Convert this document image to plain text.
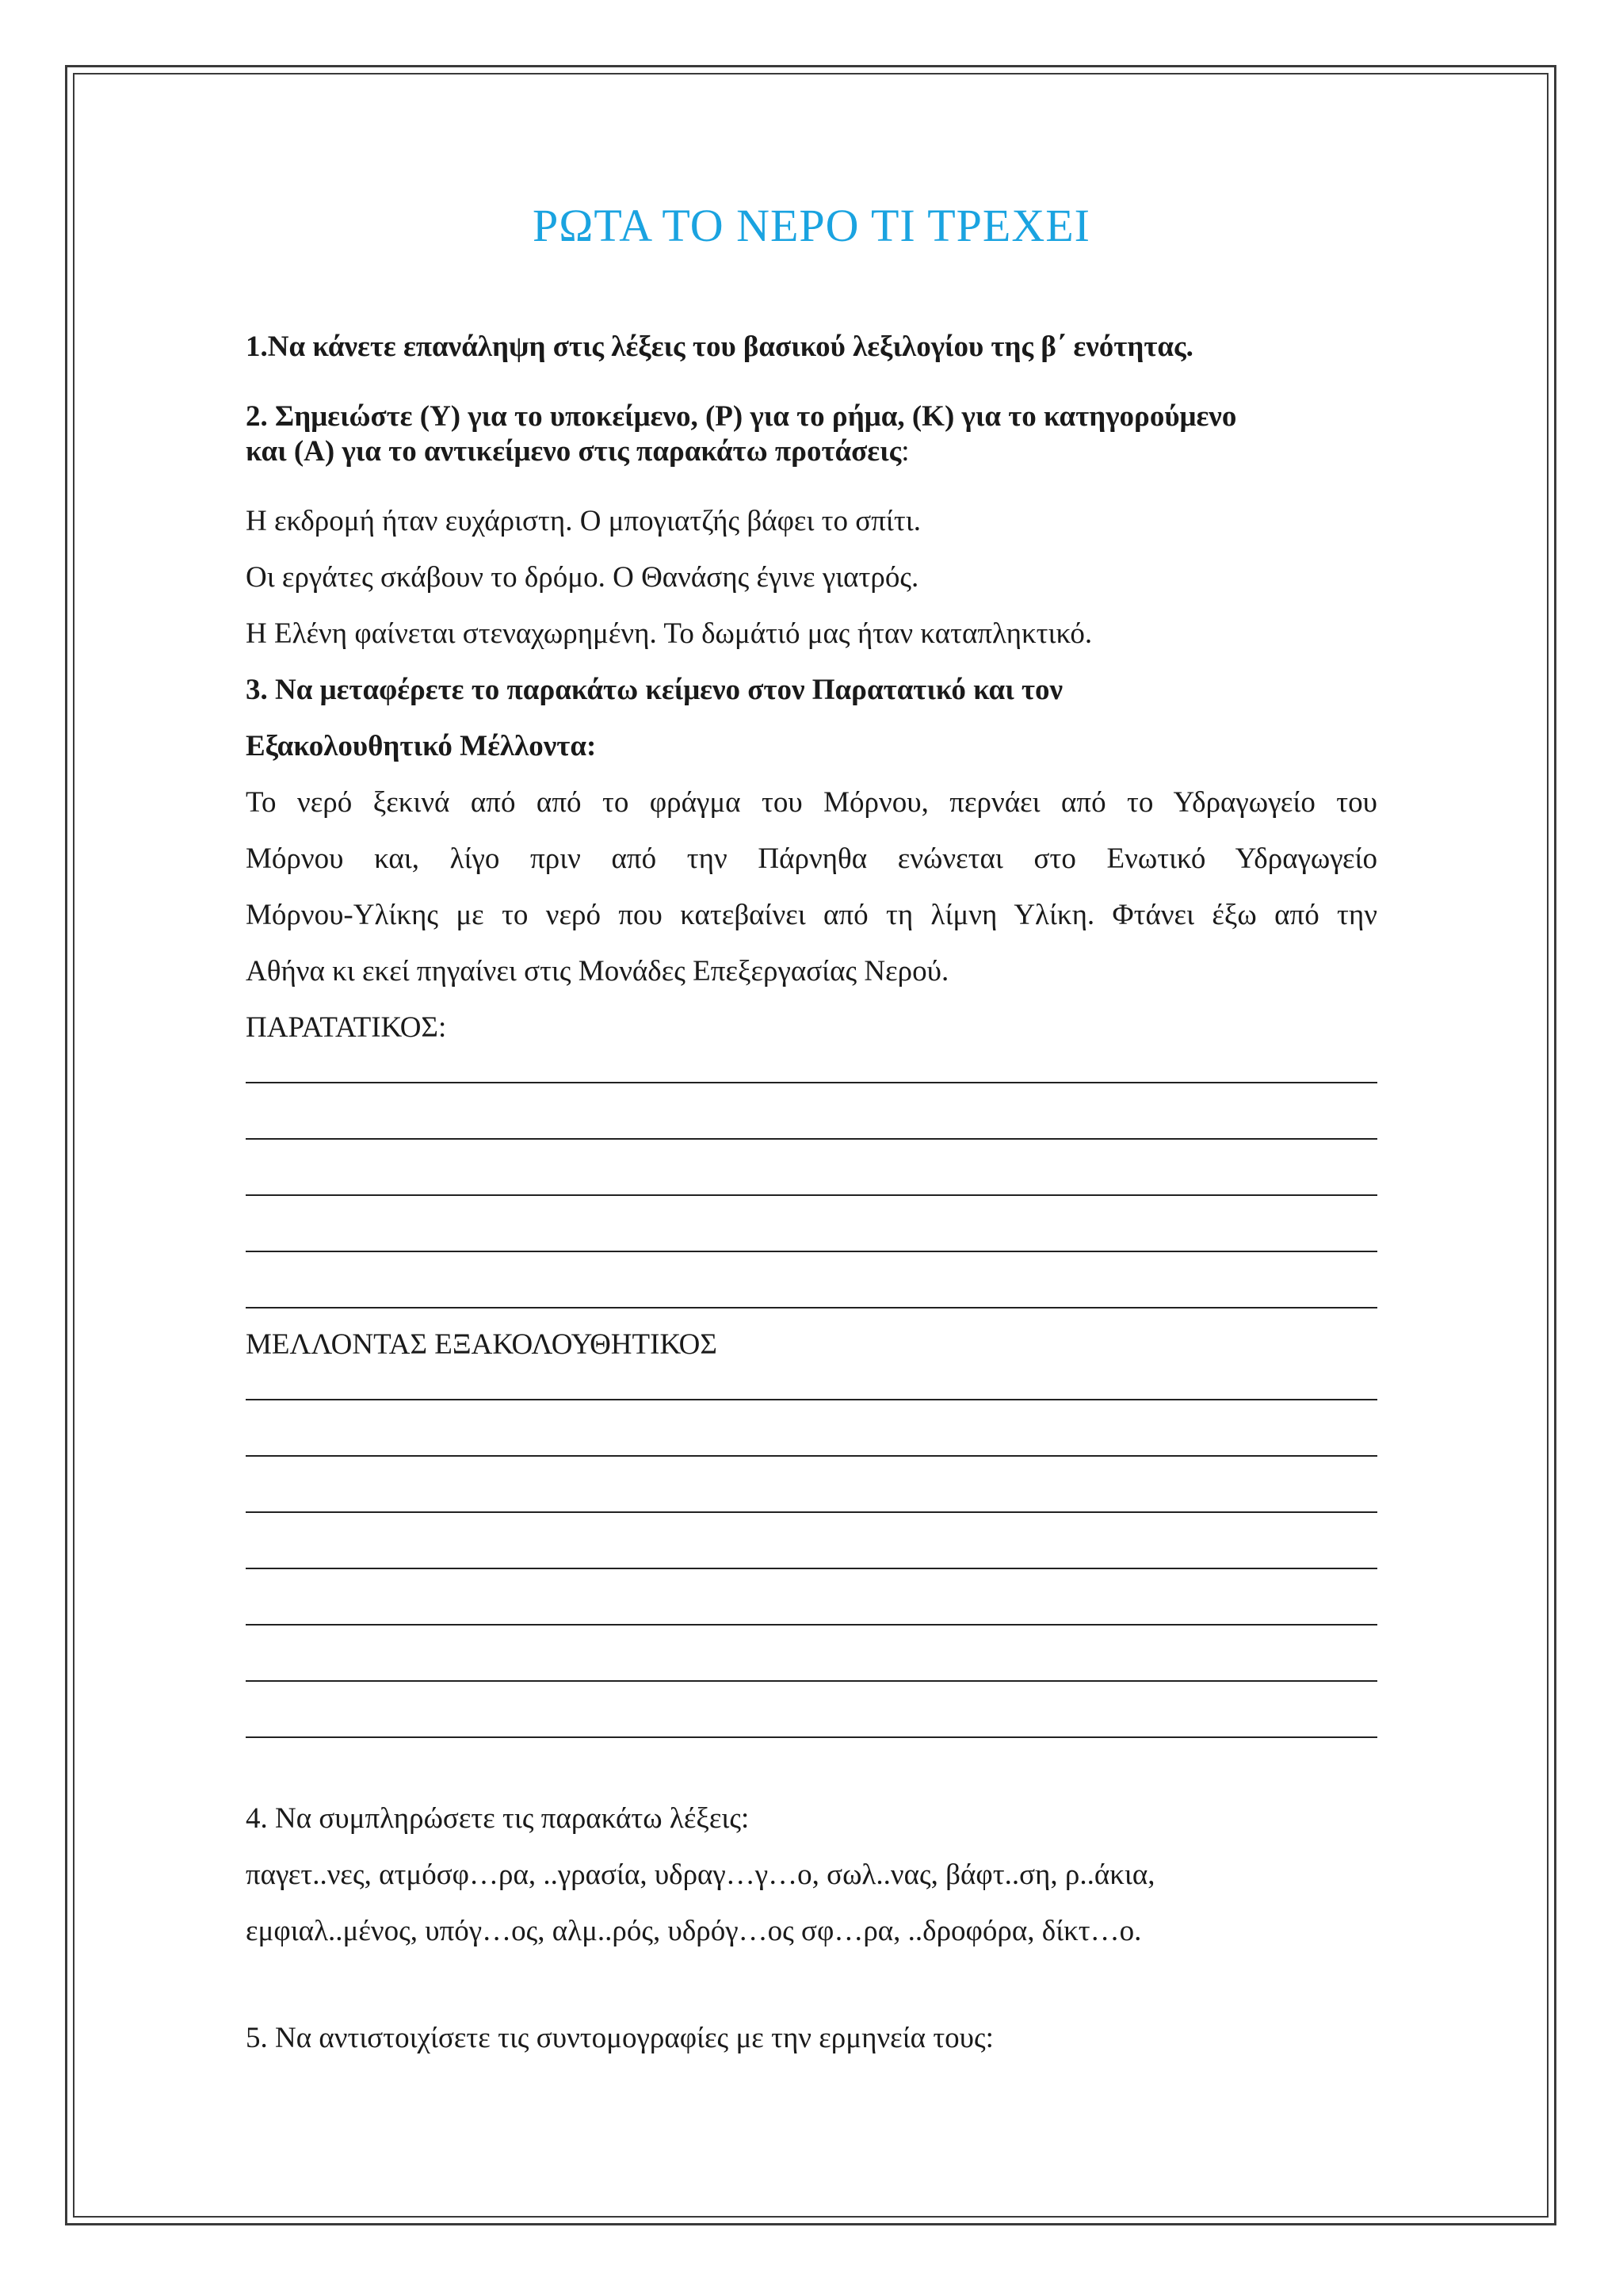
ΡΩΤΑ ΤΟ ΝΕΡΟ ΤΙ ΤΡΕΧΕΙ

1.Να κάνετε επανάληψη στις λέξεις του βασικού λεξιλογίου της β΄ ενότητας.

2. Σημειώστε (Υ) για το υποκείμενο, (Ρ) για το ρήμα, (Κ) για το κατηγορούμενο

και (Α) για το αντικείμενο στις παρακάτω προτάσεις:

Η εκδρομή ήταν ευχάριστη. Ο μπογιατζής βάφει το σπίτι.

Οι εργάτες σκάβουν το δρόμο. Ο Θανάσης έγινε γιατρός.

Η Ελένη φαίνεται στεναχωρημένη. Το δωμάτιό μας ήταν καταπληκτικό.

3. Να μεταφέρετε το παρακάτω κείμενο στον Παρατατικό και τον

Εξακολουθητικό Μέλλοντα:

Το νερό ξεκινά από από το φράγμα του Μόρνου, περνάει από το Υδραγωγείο του

Μόρνου και, λίγο πριν από την Πάρνηθα ενώνεται στο Ενωτικό Υδραγωγείο

Μόρνου-Υλίκης με το νερό που κατεβαίνει από τη λίμνη Υλίκη. Φτάνει έξω από την

Αθήνα κι εκεί πηγαίνει στις Μονάδες Επεξεργασίας Νερού.

ΠΑΡΑΤΑΤΙΚΟΣ:

ΜΕΛΛΟΝΤΑΣ ΕΞΑΚΟΛΟΥΘΗΤΙΚΟΣ

4. Να συμπληρώσετε τις παρακάτω λέξεις:

παγετ..νες, ατμόσφ…ρα, ..γρασία, υδραγ…γ…ο, σωλ..νας, βάφτ..ση, ρ..άκια,

εμφιαλ..μένος, υπόγ…ος, αλμ..ρός, υδρόγ…ος σφ…ρα, ..δροφόρα, δίκτ…ο.

5. Να αντιστοιχίσετε τις συντομογραφίες με την ερμηνεία τους:
